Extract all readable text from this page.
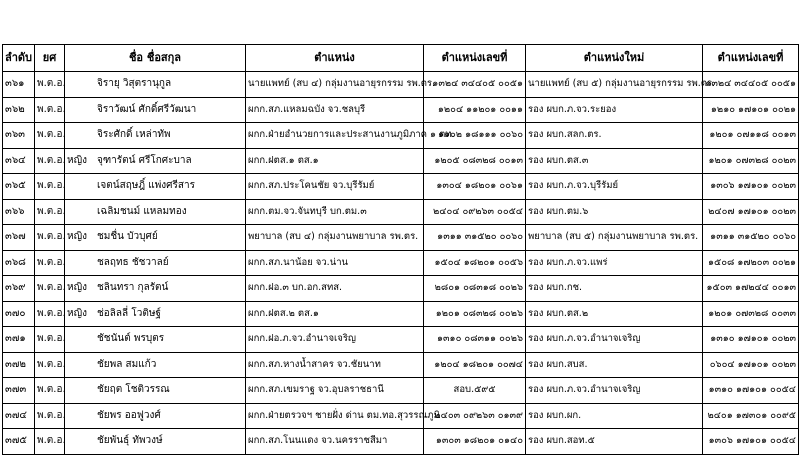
ลำดับ	ยศ	ชื่อ ชื่อสกุล	ตำแหน่ง	ตำแหน่งเลขที่	ตำแหน่งใหม่	ตำแหน่งเลขที่
๓๖๑	พ.ต.อ.	จิรายุ วิสุตรานุกูล	นายแพทย์ (สบ ๔) กลุ่มงานอายุรกรรม รพ.ตร.	๑๓๒๔ ๓๔๔๐๕ ๐๐๕๑	นายแพทย์ (สบ ๕) กลุ่มงานอายุรกรรม รพ.ตร.	๑๓๒๔ ๓๔๔๐๕ ๐๐๕๑
๓๖๒	พ.ต.อ.	จิราวัฒน์ ศักดิ์ศรีวัฒนา	ผกก.สภ.แหลมฉบัง จว.ชลบุรี	๑๒๐๔ ๑๑๒๐๑ ๐๐๑๑	รอง ผบก.ภ.จว.ระยอง	๑๒๑๐ ๑๗๑๐๑ ๐๐๒๑
๓๖๓	พ.ต.อ.	จิระศักดิ์ เหล่าทัพ	ผกก.ฝ่ายอำนวยการและประสานงานภูมิภาค ๑ ตท.	๑๑๐๒ ๑๘๑๑๑ ๐๐๖๐	รอง ผบก.สลก.ตร.	๑๒๐๑ ๐๗๑๑๘ ๐๐๑๓
๓๖๔	พ.ต.อ.	หญิง จุฑารัตน์ ศรีโกศะบาล	ผกก.ฝตส.๑ ตส.๑	๑๒๐๕ ๐๘๓๒๘ ๐๐๑๓	รอง ผบก.ตส.๓	๑๒๐๑ ๐๗๓๒๘ ๐๐๒๓
๓๖๕	พ.ต.อ.	เจตน์สฤษฎิ์ แพ่งศรีสาร	ผกก.สภ.ประโคนชัย จว.บุรีรัมย์	๑๓๐๔ ๑๘๒๐๑ ๐๐๖๑	รอง ผบก.ภ.จว.บุรีรัมย์	๑๓๐๖ ๑๗๑๐๑ ๐๐๒๓
๓๖๖	พ.ต.อ.	เฉลิมชนม์ แหลมทอง	ผกก.ตม.จว.จันทบุรี บก.ตม.๓	๒๔๐๔ ๐๙๒๖๓ ๐๐๕๔	รอง ผบก.ตม.๖	๒๔๐๗ ๑๗๑๐๑ ๐๐๒๓
๓๖๗	พ.ต.อ.	หญิง ชมชื่น บัวบุศย์	พยาบาล (สบ ๔) กลุ่มงานพยาบาล รพ.ตร.	๑๓๑๑ ๓๑๕๒๐ ๐๐๖๐	พยาบาล (สบ ๕) กลุ่มงานพยาบาล รพ.ตร.	๑๓๑๑ ๓๑๕๒๐ ๐๐๖๐
๓๖๘	พ.ต.อ.	ชลฤทธ ชัชวาลย์	ผกก.สภ.นาน้อย จว.น่าน	๑๕๐๔ ๑๘๒๐๑ ๐๐๕๖	รอง ผบก.ภ.จว.แพร่	๑๕๐๘ ๑๗๒๐๓ ๐๐๒๑
๓๖๙	พ.ต.อ.	หญิง ชลินทรา กุลรัตน์	ผกก.ฝอ.๓ บก.อก.สทส.	๒๘๐๑ ๐๘๓๑๘ ๐๐๒๖	รอง ผบก.กช.	๑๕๐๓ ๑๗๒๔๔ ๐๐๑๓
๓๗๐	พ.ต.อ.	หญิง ช่อลิลลี่ โวติษฐ์	ผกก.ฝตส.๒ ตส.๑	๑๒๐๑ ๐๘๓๒๘ ๐๐๒๖	รอง ผบก.ตส.๒	๑๒๐๑ ๐๗๓๒๘ ๐๐๓๓
๓๗๑	พ.ต.อ.	ชัชนันต์ พรบุตร	ผกก.ฝอ.ภ.จว.อำนาจเจริญ	๑๓๑๐ ๐๘๓๑๑ ๐๐๒๖	รอง ผบก.ภ.จว.อำนาจเจริญ	๑๓๑๐ ๑๗๑๐๑ ๐๐๒๓
๓๗๒	พ.ต.อ.	ชัยพล สมแก้ว	ผกก.สภ.หางน้ำสาคร จว.ชัยนาท	๑๒๐๔ ๑๘๒๐๑ ๐๐๗๔	รอง ผบก.สบส.	๐๖๐๔ ๑๗๑๐๑ ๐๐๒๓
๓๗๓	พ.ต.อ.	ชัยฤต โชติวรรณ	ผกก.สภ.เขมราฐ จว.อุบลราชธานี	สอบ.๕๙๕	รอง ผบก.ภ.จว.อำนาจเจริญ	๑๓๑๐ ๑๗๑๐๑ ๐๐๕๔
๓๗๔	พ.ต.อ.	ชัยพร ออฟูวงศ์	ผกก.ฝ่ายตรวจฯ ชายฝั่ง ด่าน ตม.ทอ.สุวรรณภูมิ	๒๔๐๓ ๐๙๒๖๓ ๐๑๓๙	รอง ผบก.ผก.	๒๔๐๑ ๑๗๓๐๑ ๐๐๙๕
๓๗๕	พ.ต.อ.	ชัยพันธุ์ ทัพวงษ์	ผกก.สภ.โนนแดง จว.นครราชสีมา	๑๓๐๓ ๑๘๒๐๑ ๐๑๔๐	รอง ผบก.สอท.๕	๑๓๐๖ ๑๗๑๐๑ ๐๐๕๔
